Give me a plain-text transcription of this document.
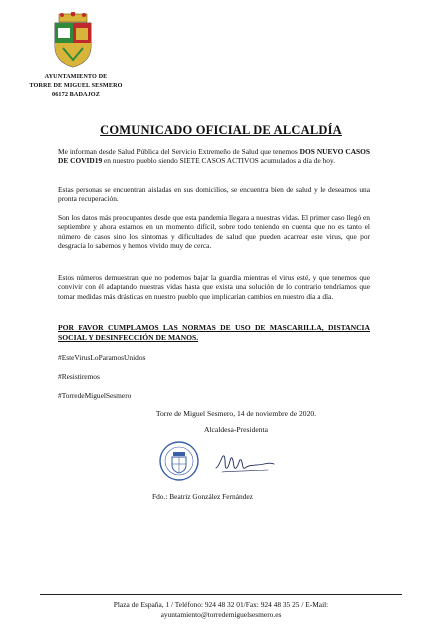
AYUNTAMIENTO DE
TORRE DE MIGUEL SESMERO
06172 BADAJOZ
COMUNICADO OFICIAL DE ALCALDÍA
Me informan desde Salud Pública del Servicio Extremeño de Salud que tenemos DOS NUEVO CASOS DE COVID19 en nuestro pueblo siendo SIETE CASOS ACTIVOS acumulados a día de hoy.
Estas personas se encuentran aisladas en sus domicilios, se encuentra bien de salud y le deseamos una pronta recuperación.
Son los datos más preocupantes desde que esta pandemia llegara a nuestras vidas. El primer caso llegó en septiembre y ahora estamos en un momento difícil, sobre todo teniendo en cuenta que no es tanto el número de casos sino los síntomas y dificultades de salud que pueden acarrear este virus, que por desgracia lo sabemos y hemos vivido muy de cerca.
Estos números demuestran que no podemos bajar la guardia mientras el virus esté, y que tenemos que convivir con él adaptando nuestras vidas hasta que exista una solución de lo contrario tendríamos que tomar medidas más drásticas en nuestro pueblo que implicarían cambios en nuestro día a día.
POR FAVOR CUMPLAMOS LAS NORMAS DE USO DE MASCARILLA, DISTANCIA SOCIAL Y DESINFECCIÓN DE MANOS.
#EsteVirusLoParamosUnidos
#Resistiremos
#TorredeMiguelSesmero
Torre de Miguel Sesmero, 14 de noviembre de 2020.
Alcaldesa-Presidenta
Fdo.: Beatriz González Fernández
Plaza de España, 1 / Teléfono: 924 48 32 01/Fax: 924 48 35 25 / E-Mail:
ayuntamiento@torredemiguelsesmero.es
